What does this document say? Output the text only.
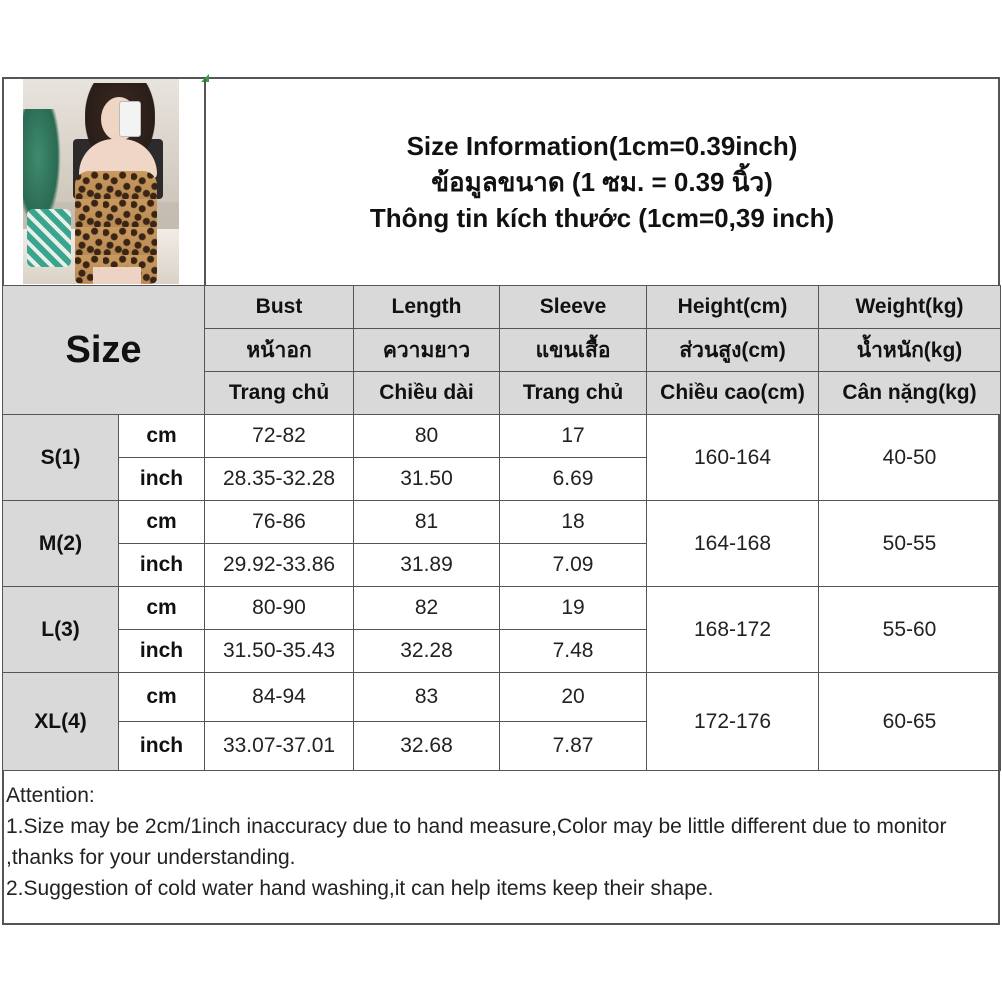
Size Information(1cm=0.39inch)
ข้อมูลขนาด (1 ซม. = 0.39 นิ้ว)
Thông tin kích thước (1cm=0,39 inch)
Size		Bust	Length	Sleeve	Height(cm)	Weight(kg)
		หน้าอก	ความยาว	แขนเสื้อ	ส่วนสูง(cm)	น้ำหนัก(kg)
		Trang chủ	Chiều dài	Trang chủ	Chiều cao(cm)	Cân nặng(kg)
S(1)	cm	72-82	80	17	160-164	40-50
	inch	28.35-32.28	31.50	6.69		
M(2)	cm	76-86	81	18	164-168	50-55
	inch	29.92-33.86	31.89	7.09		
L(3)	cm	80-90	82	19	168-172	55-60
	inch	31.50-35.43	32.28	7.48		
XL(4)	cm	84-94	83	20	172-176	60-65
	inch	33.07-37.01	32.68	7.87		
Attention:
1.Size may be 2cm/1inch inaccuracy due to hand measure,Color may be little different due to monitor ,thanks for your understanding.
2.Suggestion of cold water hand washing,it can help items keep their shape.
